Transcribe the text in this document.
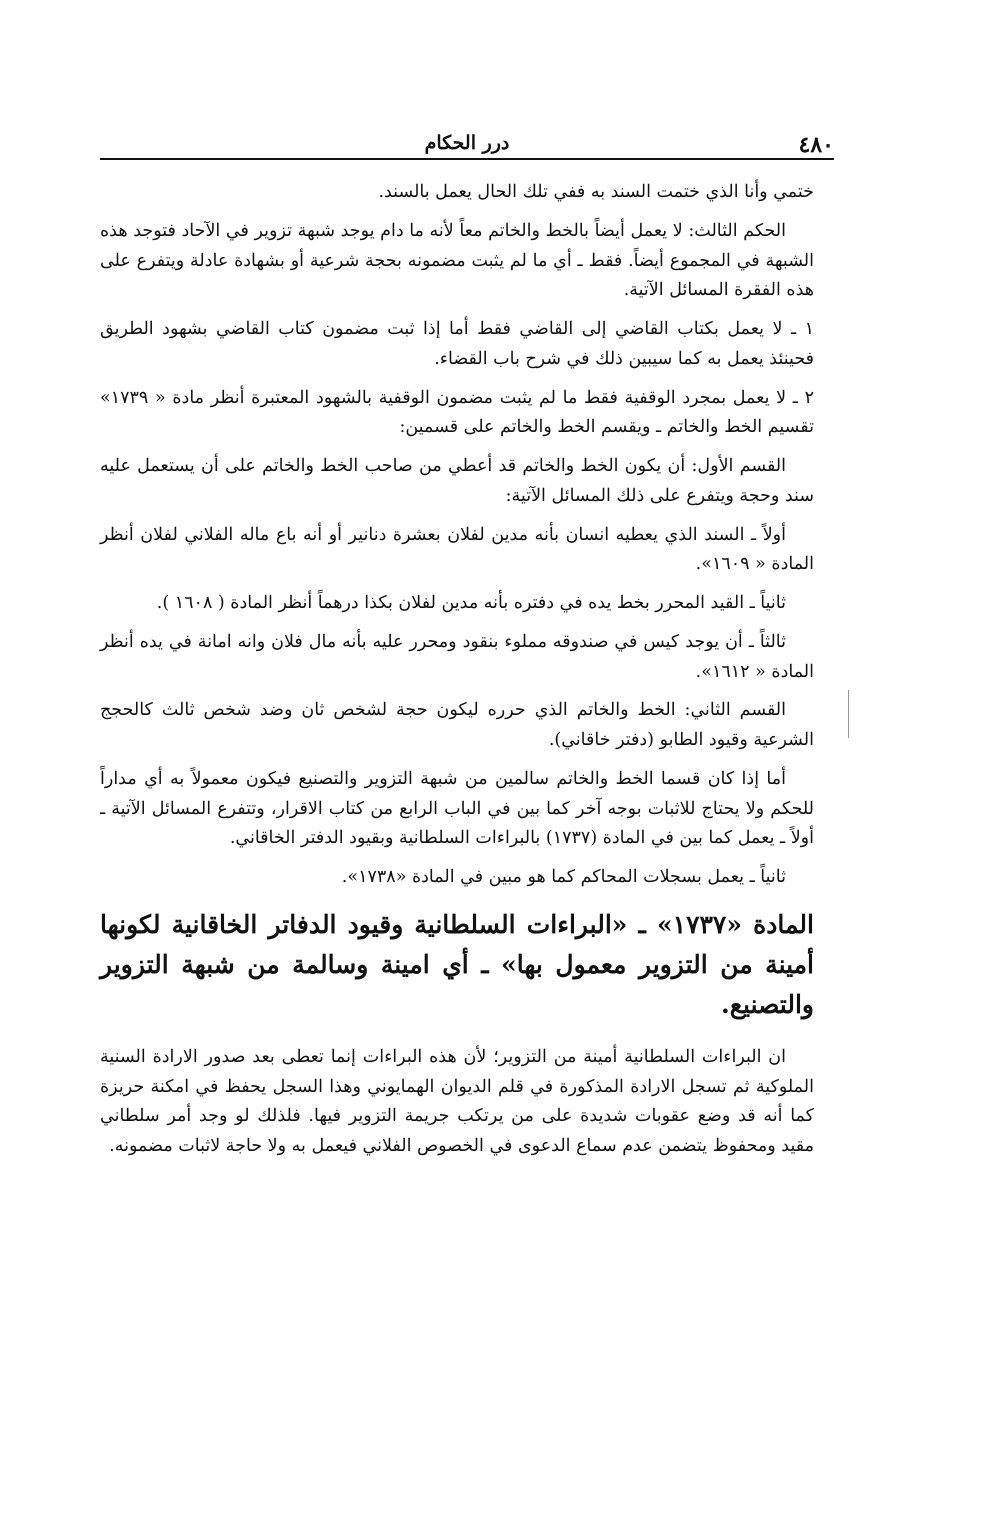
٤٨٠
درر الحكام

ختمي وأنا الذي ختمت السند به ففي تلك الحال يعمل بالسند.

الحكم الثالث: لا يعمل أيضاً بالخط والخاتم معاً لأنه ما دام يوجد شبهة تزوير في الآحاد فتوجد هذه الشبهة في المجموع أيضاً. فقط ـ أي ما لم يثبت مضمونه بحجة شرعية أو بشهادة عادلة ويتفرع على هذه الفقرة المسائل الآتية.

١ ـ لا يعمل بكتاب القاضي إلى القاضي فقط أما إذا ثبت مضمون كتاب القاضي بشهود الطريق فحينئذ يعمل به كما سيبين ذلك في شرح باب القضاء.

٢ ـ لا يعمل بمجرد الوقفية فقط ما لم يثبت مضمون الوقفية بالشهود المعتبرة أنظر مادة « ١٧٣٩» تقسيم الخط والخاتم ـ ويقسم الخط والخاتم على قسمين:

القسم الأول: أن يكون الخط والخاتم قد أعطي من صاحب الخط والخاتم على أن يستعمل عليه سند وحجة ويتفرع على ذلك المسائل الآتية:

أولاً ـ السند الذي يعطيه انسان بأنه مدين لفلان بعشرة دنانير أو أنه باع ماله الفلاني لفلان أنظر المادة « ١٦٠٩».

ثانياً ـ القيد المحرر بخط يده في دفتره بأنه مدين لفلان بكذا درهماً أنظر المادة ( ١٦٠٨ ).

ثالثاً ـ أن يوجد كيس في صندوقه مملوء بنقود ومحرر عليه بأنه مال فلان وانه امانة في يده أنظر المادة « ١٦١٢».

القسم الثاني: الخط والخاتم الذي حرره ليكون حجة لشخص ثان وضد شخص ثالث كالحجج الشرعية وقيود الطابو (دفتر خاقاني).

أما إذا كان قسما الخط والخاتم سالمين من شبهة التزوير والتصنيع فيكون معمولاً به أي مداراً للحكم ولا يحتاج للاثبات بوجه آخر كما بين في الباب الرابع من كتاب الاقرار، وتتفرع المسائل الآتية ـ أولاً ـ يعمل كما بين في المادة (١٧٣٧) بالبراءات السلطانية وبقيود الدفتر الخاقاني.

ثانياً ـ يعمل بسجلات المحاكم كما هو مبين في المادة «١٧٣٨».

المادة «١٧٣٧» ـ «البراءات السلطانية وقيود الدفاتر الخاقانية لكونها أمينة من التزوير معمول بها» ـ أي امينة وسالمة من شبهة التزوير والتصنيع.

ان البراءات السلطانية أمينة من التزوير؛ لأن هذه البراءات إنما تعطى بعد صدور الارادة السنية الملوكية ثم تسجل الارادة المذكورة في قلم الديوان الهمايوني وهذا السجل يحفظ في امكنة حريزة كما أنه قد وضع عقوبات شديدة على من يرتكب جريمة التزوير فيها. فلذلك لو وجد أمر سلطاني مقيد ومحفوظ يتضمن عدم سماع الدعوى في الخصوص الفلاني فيعمل به ولا حاجة لاثبات مضمونه.
